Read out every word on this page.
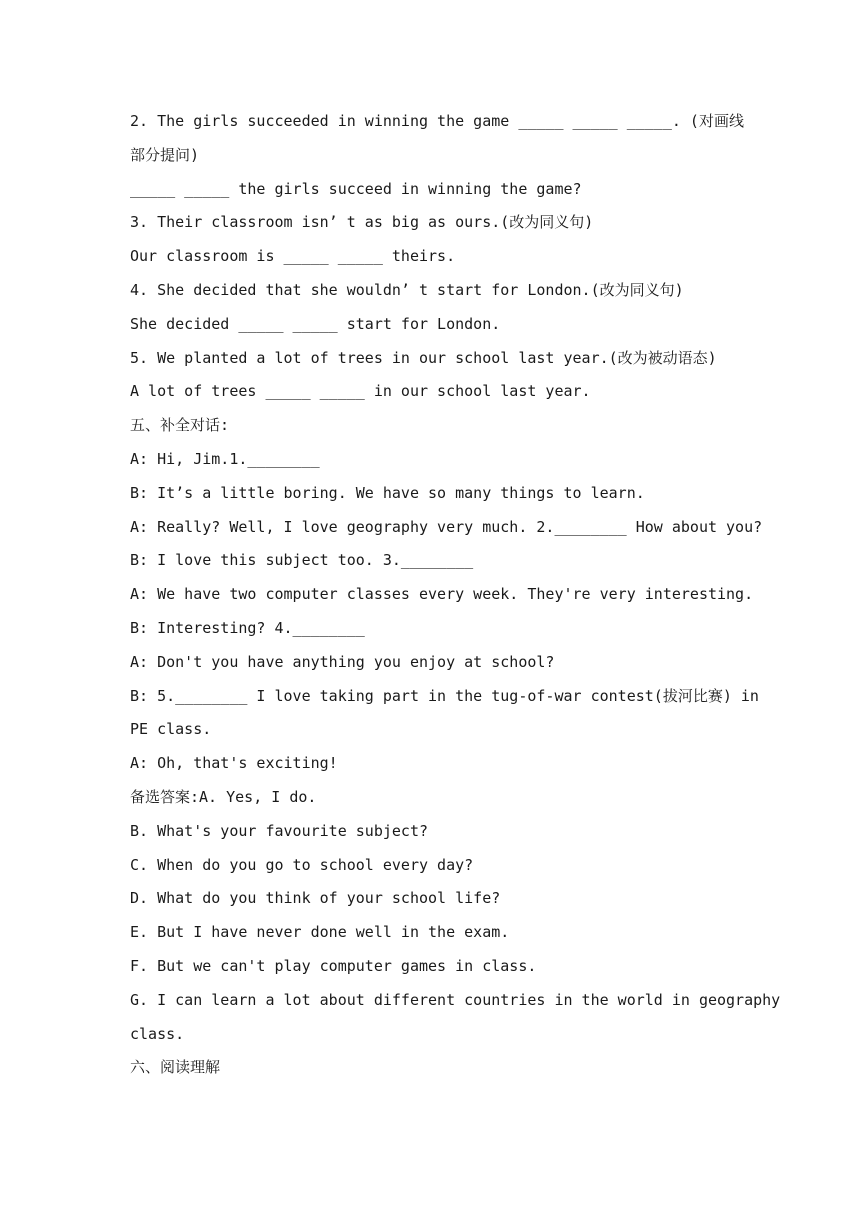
2. The girls succeeded in winning the game _____ _____ _____. (对画线
部分提问)
_____ _____ the girls succeed in winning the game?
3. Their classroom isn’ t as big as ours.(改为同义句)
Our classroom is _____ _____ theirs.
4. She decided that she wouldn’ t start for London.(改为同义句)
She decided _____ _____ start for London.
5. We planted a lot of trees in our school last year.(改为被动语态)
A lot of trees _____ _____ in our school last year.
五、补全对话:
A: Hi, Jim.1.________
B: It’s a little boring. We have so many things to learn.
A: Really? Well, I love geography very much. 2.________ How about you?
B: I love this subject too. 3.________
A: We have two computer classes every week. They're very interesting.
B: Interesting? 4.________
A: Don't you have anything you enjoy at school?
B: 5.________ I love taking part in the tug-of-war contest(拔河比赛) in
PE class.
A: Oh, that's exciting!
备选答案:A. Yes, I do.
B. What's your favourite subject?
C. When do you go to school every day?
D. What do you think of your school life?
E. But I have never done well in the exam.
F. But we can't play computer games in class.
G. I can learn a lot about different countries in the world in geography
class.
六、阅读理解
